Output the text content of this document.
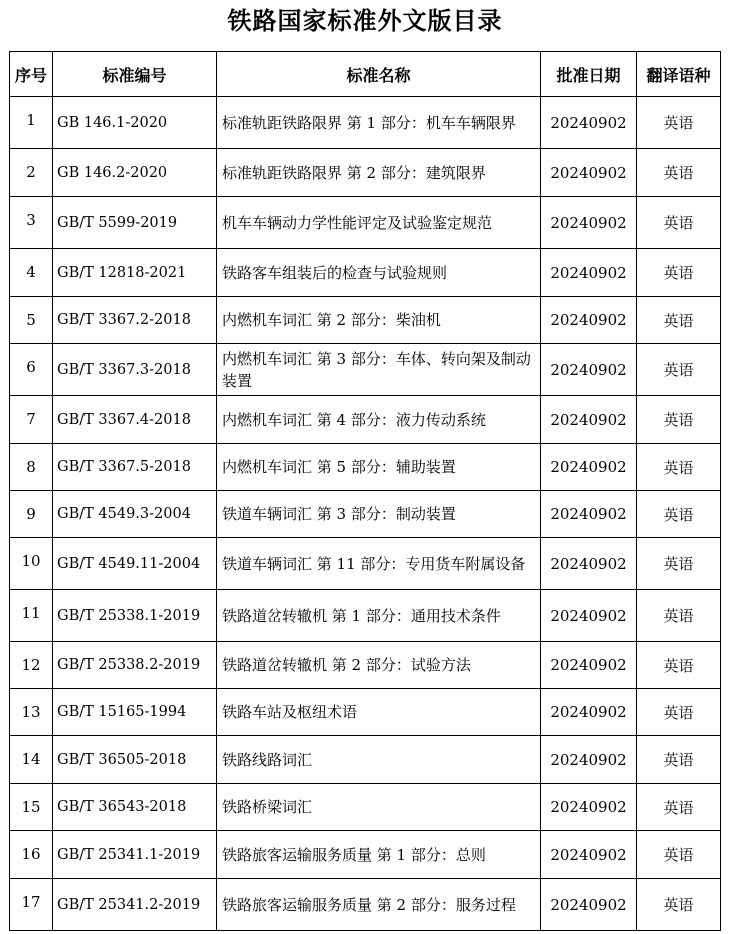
铁路国家标准外文版目录
序号	标准编号	标准名称	批准日期	翻译语种
1	GB 146.1-2020	标准轨距铁路限界 第 1 部分：机车车辆限界	20240902	英语
2	GB 146.2-2020	标准轨距铁路限界 第 2 部分：建筑限界	20240902	英语
3	GB/T 5599-2019	机车车辆动力学性能评定及试验鉴定规范	20240902	英语
4	GB/T 12818-2021	铁路客车组装后的检查与试验规则	20240902	英语
5	GB/T 3367.2-2018	内燃机车词汇 第 2 部分：柴油机	20240902	英语
6	GB/T 3367.3-2018	内燃机车词汇 第 3 部分：车体、转向架及制动装置	20240902	英语
7	GB/T 3367.4-2018	内燃机车词汇 第 4 部分：液力传动系统	20240902	英语
8	GB/T 3367.5-2018	内燃机车词汇 第 5 部分：辅助装置	20240902	英语
9	GB/T 4549.3-2004	铁道车辆词汇 第 3 部分：制动装置	20240902	英语
10	GB/T 4549.11-2004	铁道车辆词汇 第 11 部分：专用货车附属设备	20240902	英语
11	GB/T 25338.1-2019	铁路道岔转辙机 第 1 部分：通用技术条件	20240902	英语
12	GB/T 25338.2-2019	铁路道岔转辙机 第 2 部分：试验方法	20240902	英语
13	GB/T 15165-1994	铁路车站及枢纽术语	20240902	英语
14	GB/T 36505-2018	铁路线路词汇	20240902	英语
15	GB/T 36543-2018	铁路桥梁词汇	20240902	英语
16	GB/T 25341.1-2019	铁路旅客运输服务质量 第 1 部分：总则	20240902	英语
17	GB/T 25341.2-2019	铁路旅客运输服务质量 第 2 部分：服务过程	20240902	英语
